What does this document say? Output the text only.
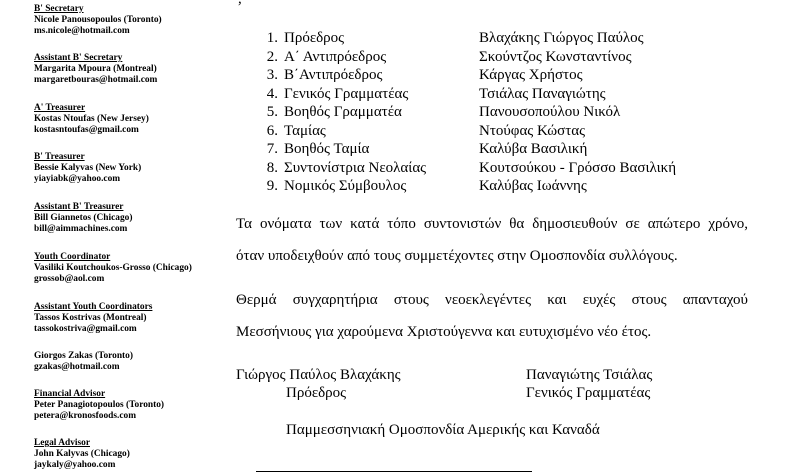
B' Secretary
Nicole Panousopoulos (Toronto)
ms.nicole@hotmail.com
Assistant B' Secretary
Margarita Mpoura (Montreal)
margaretbouras@hotmail.com
A' Treasurer
Kostas Ntoufas (New Jersey)
kostasntoufas@gmail.com
B' Treasurer
Bessie Kalyvas (New York)
yiayiabk@yahoo.com
Assistant B' Treasurer
Bill Giannetos (Chicago)
bill@aimmachines.com
Youth Coordinator
Vasiliki Koutchoukos-Grosso (Chicago)
grossob@aol.com
Assistant Youth Coordinators
Tassos Kostrivas (Montreal)
tassokostriva@gmail.com
Giorgos Zakas (Toronto)
gzakas@hotmail.com
Financial Advisor
Peter Panagiotopoulos (Toronto)
petera@kronosfoods.com
Legal Advisor
John Kalyvas (Chicago)
jaykaly@yahoo.com
1. Πρόεδρος	Βλαχάκης Γιώργος Παύλος
2. Α΄ Αντιπρόεδρος	Σκούντζος Κωνσταντίνος
3. Β΄Αντιπρόεδρος	Κάργας Χρήστος
4. Γενικός Γραμματέας	Τσιάλας Παναγιώτης
5. Βοηθός Γραμματέα	Πανουσοπούλου Νικόλ
6. Ταμίας	Ντούφας Κώστας
7. Βοηθός Ταμία	Καλύβα Βασιλική
8. Συντονίστρια Νεολαίας	Κουτσούκου - Γρόσσο Βασιλική
9. Νομικός Σύμβουλος	Καλύβας Ιωάννης
Τα ονόματα των κατά τόπο συντονιστών θα δημοσιευθούν σε απώτερο χρόνο,
όταν υποδειχθούν από τους συμμετέχοντες στην Ομοσπονδία συλλόγους.
Θερμά συγχαρητήρια στους νεοεκλεγέντες και ευχές στους απανταχού
Μεσσήνιους για χαρούμενα Χριστούγεννα και ευτυχισμένο νέο έτος.
Γιώργος Παύλος Βλαχάκης
Πρόεδρος
Παναγιώτης Τσιάλας
Γενικός Γραμματέας
Παμμεσσηνιακή Ομοσπονδία Αμερικής και Καναδά
